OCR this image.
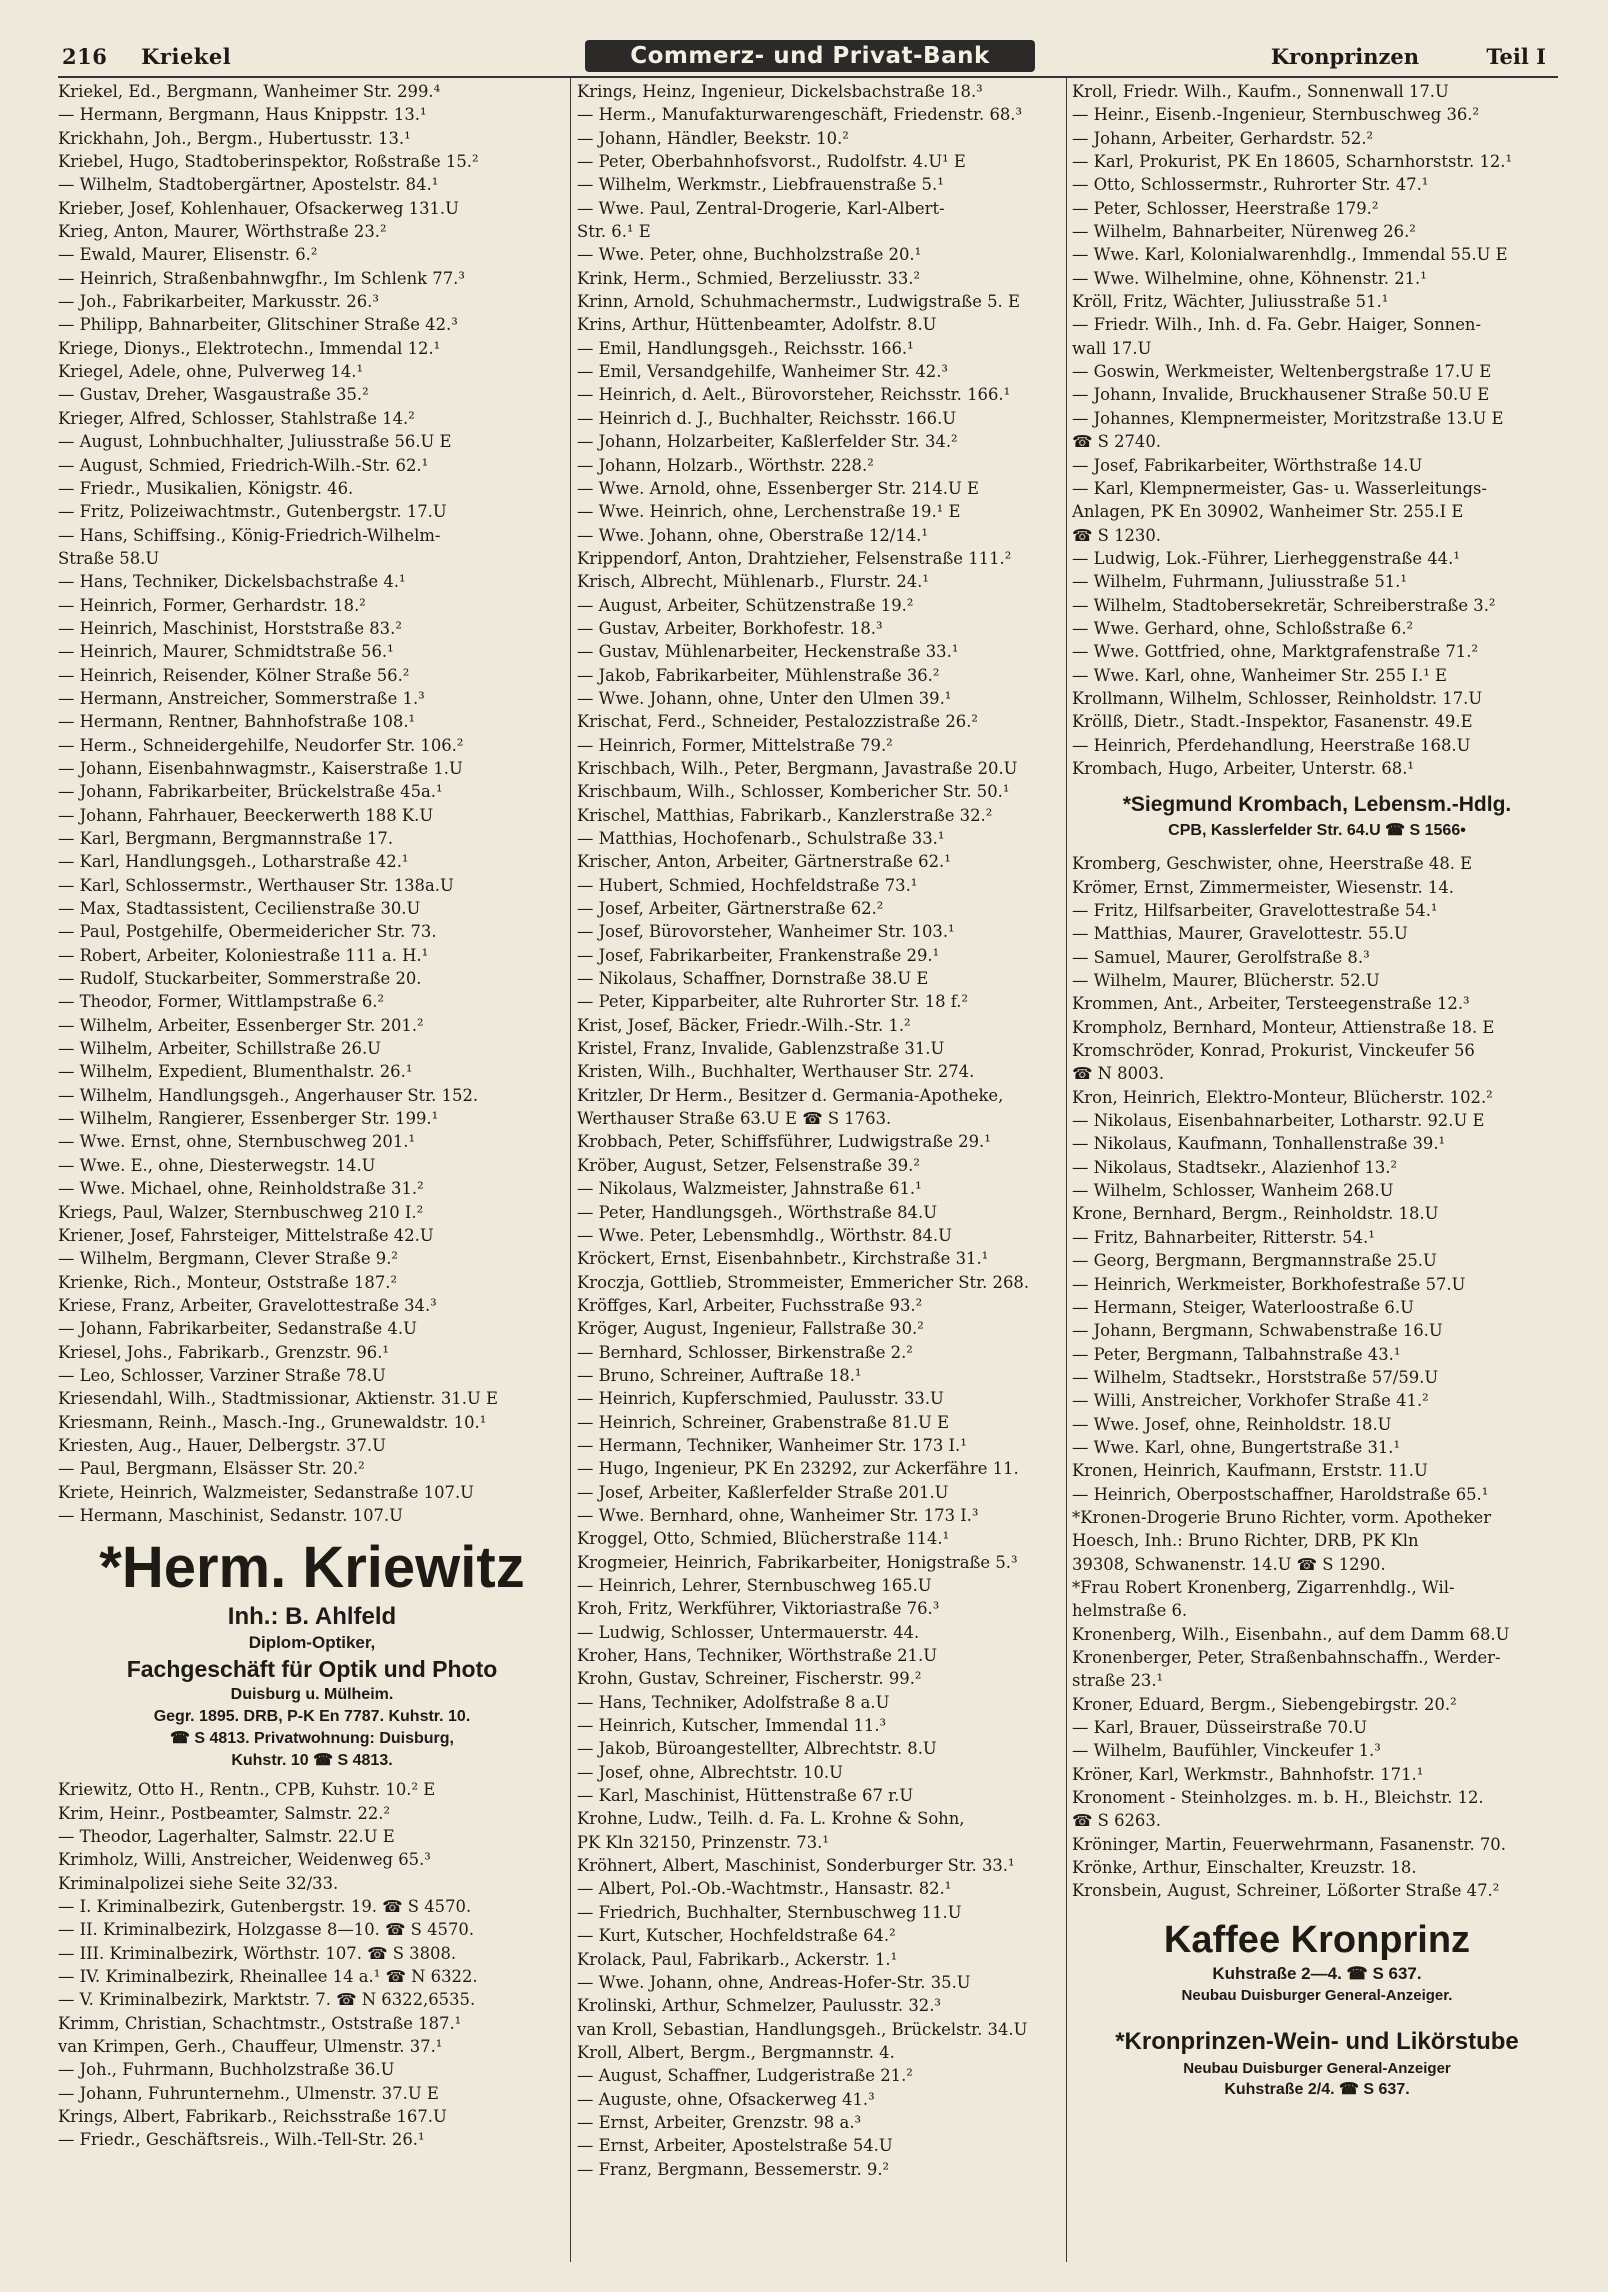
216 Kriekel	Commerz- und Privat-Bank	Kronprinzen	Teil I
Kriekel, Ed., Bergmann, Wanheimer Str. 299.⁴
— Hermann, Bergmann, Haus Knippstr. 13.¹
Krickhahn, Joh., Bergm., Hubertusstr. 13.¹
Kriebel, Hugo, Stadtoberinspektor, Roßstraße 15.²
— Wilhelm, Stadtobergärtner, Apostelstr. 84.¹
Krieber, Josef, Kohlenhauer, Ofsackerweg 131.U
Krieg, Anton, Maurer, Wörthstraße 23.²
— Ewald, Maurer, Elisenstr. 6.²
— Heinrich, Straßenbahnwgfhr., Im Schlenk 77.³
— Joh., Fabrikarbeiter, Markusstr. 26.³
— Philipp, Bahnarbeiter, Glitschiner Straße 42.³
Kriege, Dionys., Elektrotechn., Immendal 12.¹
Kriegel, Adele, ohne, Pulverweg 14.¹
— Gustav, Dreher, Wasgaustraße 35.²
Krieger, Alfred, Schlosser, Stahlstraße 14.²
— August, Lohnbuchhalter, Juliusstraße 56.U E
— August, Schmied, Friedrich-Wilh.-Str. 62.¹
— Friedr., Musikalien, Königstr. 46.
— Fritz, Polizeiwachtmstr., Gutenbergstr. 17.U
— Hans, Schiffsing., König-Friedrich-Wilhelm-
Straße 58.U
— Hans, Techniker, Dickelsbachstraße 4.¹
— Heinrich, Former, Gerhardstr. 18.²
— Heinrich, Maschinist, Horststraße 83.²
— Heinrich, Maurer, Schmidtstraße 56.¹
— Heinrich, Reisender, Kölner Straße 56.²
— Hermann, Anstreicher, Sommerstraße 1.³
— Hermann, Rentner, Bahnhofstraße 108.¹
— Herm., Schneidergehilfe, Neudorfer Str. 106.²
— Johann, Eisenbahnwagmstr., Kaiserstraße 1.U
— Johann, Fabrikarbeiter, Brückelstraße 45a.¹
— Johann, Fahrhauer, Beeckerwerth 188 K.U
— Karl, Bergmann, Bergmannstraße 17.
— Karl, Handlungsgeh., Lotharstraße 42.¹
— Karl, Schlossermstr., Werthauser Str. 138a.U
— Max, Stadtassistent, Cecilienstraße 30.U
— Paul, Postgehilfe, Obermeidericher Str. 73.
— Robert, Arbeiter, Koloniestraße 111 a. H.¹
— Rudolf, Stuckarbeiter, Sommerstraße 20.
— Theodor, Former, Wittlampstraße 6.²
— Wilhelm, Arbeiter, Essenberger Str. 201.²
— Wilhelm, Arbeiter, Schillstraße 26.U
— Wilhelm, Expedient, Blumenthalstr. 26.¹
— Wilhelm, Handlungsgeh., Angerhauser Str. 152.
— Wilhelm, Rangierer, Essenberger Str. 199.¹
— Wwe. Ernst, ohne, Sternbuschweg 201.¹
— Wwe. E., ohne, Diesterwegstr. 14.U
— Wwe. Michael, ohne, Reinholdstraße 31.²
Kriegs, Paul, Walzer, Sternbuschweg 210 I.²
Kriener, Josef, Fahrsteiger, Mittelstraße 42.U
— Wilhelm, Bergmann, Clever Straße 9.²
Krienke, Rich., Monteur, Oststraße 187.²
Kriese, Franz, Arbeiter, Gravelottestraße 34.³
— Johann, Fabrikarbeiter, Sedanstraße 4.U
Kriesel, Johs., Fabrikarb., Grenzstr. 96.¹
— Leo, Schlosser, Varziner Straße 78.U
Kriesendahl, Wilh., Stadtmissionar, Aktienstr. 31.U E
Kriesmann, Reinh., Masch.-Ing., Grunewaldstr. 10.¹
Kriesten, Aug., Hauer, Delbergstr. 37.U
— Paul, Bergmann, Elsässer Str. 20.²
Kriete, Heinrich, Walzmeister, Sedanstraße 107.U
— Hermann, Maschinist, Sedanstr. 107.U
*Herm. Kriewitz
Inh.: B. Ahlfeld
Diplom-Optiker,
Fachgeschäft für Optik und Photo
Duisburg u. Mülheim.
Gegr. 1895. DRB, P-K En 7787. Kuhstr. 10.
☎ S 4813. Privatwohnung: Duisburg,
Kuhstr. 10 ☎ S 4813.
Kriewitz, Otto H., Rentn., CPB, Kuhstr. 10.² E
Krim, Heinr., Postbeamter, Salmstr. 22.²
— Theodor, Lagerhalter, Salmstr. 22.U E
Krimholz, Willi, Anstreicher, Weidenweg 65.³
Kriminalpolizei siehe Seite 32/33.
— I. Kriminalbezirk, Gutenbergstr. 19. ☎ S 4570.
— II. Kriminalbezirk, Holzgasse 8—10. ☎ S 4570.
— III. Kriminalbezirk, Wörthstr. 107. ☎ S 3808.
— IV. Kriminalbezirk, Rheinallee 14 a.¹ ☎ N 6322.
— V. Kriminalbezirk, Marktstr. 7. ☎ N 6322,6535.
Krimm, Christian, Schachtmstr., Oststraße 187.¹
van Krimpen, Gerh., Chauffeur, Ulmenstr. 37.¹
— Joh., Fuhrmann, Buchholzstraße 36.U
— Johann, Fuhrunternehm., Ulmenstr. 37.U E
Krings, Albert, Fabrikarb., Reichsstraße 167.U
— Friedr., Geschäftsreis., Wilh.-Tell-Str. 26.¹
Krings, Heinz, Ingenieur, Dickelsbachstraße 18.³
— Herm., Manufakturwarengeschäft, Friedenstr. 68.³
— Johann, Händler, Beekstr. 10.²
— Peter, Oberbahnhofsvorst., Rudolfstr. 4.U¹ E
— Wilhelm, Werkmstr., Liebfrauenstraße 5.¹
— Wwe. Paul, Zentral-Drogerie, Karl-Albert-
Str. 6.¹ E
— Wwe. Peter, ohne, Buchholzstraße 20.¹
Krink, Herm., Schmied, Berzeliusstr. 33.²
Krinn, Arnold, Schuhmachermstr., Ludwigstraße 5. E
Krins, Arthur, Hüttenbeamter, Adolfstr. 8.U
— Emil, Handlungsgeh., Reichsstr. 166.¹
— Emil, Versandgehilfe, Wanheimer Str. 42.³
— Heinrich, d. Aelt., Bürovorsteher, Reichsstr. 166.¹
— Heinrich d. J., Buchhalter, Reichsstr. 166.U
— Johann, Holzarbeiter, Kaßlerfelder Str. 34.²
— Johann, Holzarb., Wörthstr. 228.²
— Wwe. Arnold, ohne, Essenberger Str. 214.U E
— Wwe. Heinrich, ohne, Lerchenstraße 19.¹ E
— Wwe. Johann, ohne, Oberstraße 12/14.¹
Krippendorf, Anton, Drahtzieher, Felsenstraße 111.²
Krisch, Albrecht, Mühlenarb., Flurstr. 24.¹
— August, Arbeiter, Schützenstraße 19.²
— Gustav, Arbeiter, Borkhofestr. 18.³
— Gustav, Mühlenarbeiter, Heckenstraße 33.¹
— Jakob, Fabrikarbeiter, Mühlenstraße 36.²
— Wwe. Johann, ohne, Unter den Ulmen 39.¹
Krischat, Ferd., Schneider, Pestalozzistraße 26.²
— Heinrich, Former, Mittelstraße 79.²
Krischbach, Wilh., Peter, Bergmann, Javastraße 20.U
Krischbaum, Wilh., Schlosser, Kombericher Str. 50.¹
Krischel, Matthias, Fabrikarb., Kanzlerstraße 32.²
— Matthias, Hochofenarb., Schulstraße 33.¹
Krischer, Anton, Arbeiter, Gärtnerstraße 62.¹
— Hubert, Schmied, Hochfeldstraße 73.¹
— Josef, Arbeiter, Gärtnerstraße 62.²
— Josef, Bürovorsteher, Wanheimer Str. 103.¹
— Josef, Fabrikarbeiter, Frankenstraße 29.¹
— Nikolaus, Schaffner, Dornstraße 38.U E
— Peter, Kipparbeiter, alte Ruhrorter Str. 18 f.²
Krist, Josef, Bäcker, Friedr.-Wilh.-Str. 1.²
Kristel, Franz, Invalide, Gablenzstraße 31.U
Kristen, Wilh., Buchhalter, Werthauser Str. 274.
Kritzler, Dr Herm., Besitzer d. Germania-Apotheke,
Werthauser Straße 63.U E ☎ S 1763.
Krobbach, Peter, Schiffsführer, Ludwigstraße 29.¹
Kröber, August, Setzer, Felsenstraße 39.²
— Nikolaus, Walzmeister, Jahnstraße 61.¹
— Peter, Handlungsgeh., Wörthstraße 84.U
— Wwe. Peter, Lebensmhdlg., Wörthstr. 84.U
Kröckert, Ernst, Eisenbahnbetr., Kirchstraße 31.¹
Kroczja, Gottlieb, Strommeister, Emmericher Str. 268.
Kröffges, Karl, Arbeiter, Fuchsstraße 93.²
Kröger, August, Ingenieur, Fallstraße 30.²
— Bernhard, Schlosser, Birkenstraße 2.²
— Bruno, Schreiner, Auftraße 18.¹
— Heinrich, Kupferschmied, Paulusstr. 33.U
— Heinrich, Schreiner, Grabenstraße 81.U E
— Hermann, Techniker, Wanheimer Str. 173 I.¹
— Hugo, Ingenieur, PK En 23292, zur Ackerfähre 11.
— Josef, Arbeiter, Kaßlerfelder Straße 201.U
— Wwe. Bernhard, ohne, Wanheimer Str. 173 I.³
Kroggel, Otto, Schmied, Blücherstraße 114.¹
Krogmeier, Heinrich, Fabrikarbeiter, Honigstraße 5.³
— Heinrich, Lehrer, Sternbuschweg 165.U
Kroh, Fritz, Werkführer, Viktoriastraße 76.³
— Ludwig, Schlosser, Untermauerstr. 44.
Kroher, Hans, Techniker, Wörthstraße 21.U
Krohn, Gustav, Schreiner, Fischerstr. 99.²
— Hans, Techniker, Adolfstraße 8 a.U
— Heinrich, Kutscher, Immendal 11.³
— Jakob, Büroangestellter, Albrechtstr. 8.U
— Josef, ohne, Albrechtstr. 10.U
— Karl, Maschinist, Hüttenstraße 67 r.U
Krohne, Ludw., Teilh. d. Fa. L. Krohne & Sohn,
PK Kln 32150, Prinzenstr. 73.¹
Kröhnert, Albert, Maschinist, Sonderburger Str. 33.¹
— Albert, Pol.-Ob.-Wachtmstr., Hansastr. 82.¹
— Friedrich, Buchhalter, Sternbuschweg 11.U
— Kurt, Kutscher, Hochfeldstraße 64.²
Krolack, Paul, Fabrikarb., Ackerstr. 1.¹
— Wwe. Johann, ohne, Andreas-Hofer-Str. 35.U
Krolinski, Arthur, Schmelzer, Paulusstr. 32.³
van Kroll, Sebastian, Handlungsgeh., Brückelstr. 34.U
Kroll, Albert, Bergm., Bergmannstr. 4.
— August, Schaffner, Ludgeristraße 21.²
— Auguste, ohne, Ofsackerweg 41.³
— Ernst, Arbeiter, Grenzstr. 98 a.³
— Ernst, Arbeiter, Apostelstraße 54.U
— Franz, Bergmann, Bessemerstr. 9.²
Kroll, Friedr. Wilh., Kaufm., Sonnenwall 17.U
— Heinr., Eisenb.-Ingenieur, Sternbuschweg 36.²
— Johann, Arbeiter, Gerhardstr. 52.²
— Karl, Prokurist, PK En 18605, Scharnhorststr. 12.¹
— Otto, Schlossermstr., Ruhrorter Str. 47.¹
— Peter, Schlosser, Heerstraße 179.²
— Wilhelm, Bahnarbeiter, Nürenweg 26.²
— Wwe. Karl, Kolonialwarenhdlg., Immendal 55.U E
— Wwe. Wilhelmine, ohne, Köhnenstr. 21.¹
Kröll, Fritz, Wächter, Juliusstraße 51.¹
— Friedr. Wilh., Inh. d. Fa. Gebr. Haiger, Sonnen-
wall 17.U
— Goswin, Werkmeister, Weltenbergstraße 17.U E
— Johann, Invalide, Bruckhausener Straße 50.U E
— Johannes, Klempnermeister, Moritzstraße 13.U E
☎ S 2740.
— Josef, Fabrikarbeiter, Wörthstraße 14.U
— Karl, Klempnermeister, Gas- u. Wasserleitungs-
Anlagen, PK En 30902, Wanheimer Str. 255.I E
☎ S 1230.
— Ludwig, Lok.-Führer, Lierheggenstraße 44.¹
— Wilhelm, Fuhrmann, Juliusstraße 51.¹
— Wilhelm, Stadtobersekretär, Schreiberstraße 3.²
— Wwe. Gerhard, ohne, Schloßstraße 6.²
— Wwe. Gottfried, ohne, Marktgrafenstraße 71.²
— Wwe. Karl, ohne, Wanheimer Str. 255 I.¹ E
Krollmann, Wilhelm, Schlosser, Reinholdstr. 17.U
Kröllß, Dietr., Stadt.-Inspektor, Fasanenstr. 49.E
— Heinrich, Pferdehandlung, Heerstraße 168.U
Krombach, Hugo, Arbeiter, Unterstr. 68.¹
*Siegmund Krombach, Lebensm.-Hdlg.
CPB, Kasslerfelder Str. 64.U ☎ S 1566•
Kromberg, Geschwister, ohne, Heerstraße 48. E
Krömer, Ernst, Zimmermeister, Wiesenstr. 14.
— Fritz, Hilfsarbeiter, Gravelottestraße 54.¹
— Matthias, Maurer, Gravelottestr. 55.U
— Samuel, Maurer, Gerolfstraße 8.³
— Wilhelm, Maurer, Blücherstr. 52.U
Krommen, Ant., Arbeiter, Tersteegenstraße 12.³
Krompholz, Bernhard, Monteur, Attienstraße 18. E
Kromschröder, Konrad, Prokurist, Vinckeufer 56
☎ N 8003.
Kron, Heinrich, Elektro-Monteur, Blücherstr. 102.²
— Nikolaus, Eisenbahnarbeiter, Lotharstr. 92.U E
— Nikolaus, Kaufmann, Tonhallenstraße 39.¹
— Nikolaus, Stadtsekr., Alazienhof 13.²
— Wilhelm, Schlosser, Wanheim 268.U
Krone, Bernhard, Bergm., Reinholdstr. 18.U
— Fritz, Bahnarbeiter, Ritterstr. 54.¹
— Georg, Bergmann, Bergmannstraße 25.U
— Heinrich, Werkmeister, Borkhofestraße 57.U
— Hermann, Steiger, Waterloostraße 6.U
— Johann, Bergmann, Schwabenstraße 16.U
— Peter, Bergmann, Talbahnstraße 43.¹
— Wilhelm, Stadtsekr., Horststraße 57/59.U
— Willi, Anstreicher, Vorkhofer Straße 41.²
— Wwe. Josef, ohne, Reinholdstr. 18.U
— Wwe. Karl, ohne, Bungertstraße 31.¹
Kronen, Heinrich, Kaufmann, Erststr. 11.U
— Heinrich, Oberpostschaffner, Haroldstraße 65.¹
*Kronen-Drogerie Bruno Richter, vorm. Apotheker
Hoesch, Inh.: Bruno Richter, DRB, PK Kln
39308, Schwanenstr. 14.U ☎ S 1290.
*Frau Robert Kronenberg, Zigarrenhdlg., Wil-
helmstraße 6.
Kronenberg, Wilh., Eisenbahn., auf dem Damm 68.U
Kronenberger, Peter, Straßenbahnschaffn., Werder-
straße 23.¹
Kroner, Eduard, Bergm., Siebengebirgstr. 20.²
— Karl, Brauer, Düsseirstraße 70.U
— Wilhelm, Baufühler, Vinckeufer 1.³
Kröner, Karl, Werkmstr., Bahnhofstr. 171.¹
Kronoment - Steinholzges. m. b. H., Bleichstr. 12.
☎ S 6263.
Kröninger, Martin, Feuerwehrmann, Fasanenstr. 70.
Krönke, Arthur, Einschalter, Kreuzstr. 18.
Kronsbein, August, Schreiner, Lößorter Straße 47.²
Kaffee Kronprinz
Kuhstraße 2—4. ☎ S 637.
Neubau Duisburger General-Anzeiger.
*Kronprinzen-Wein- und Likörstube
Neubau Duisburger General-Anzeiger
Kuhstraße 2/4. ☎ S 637.
